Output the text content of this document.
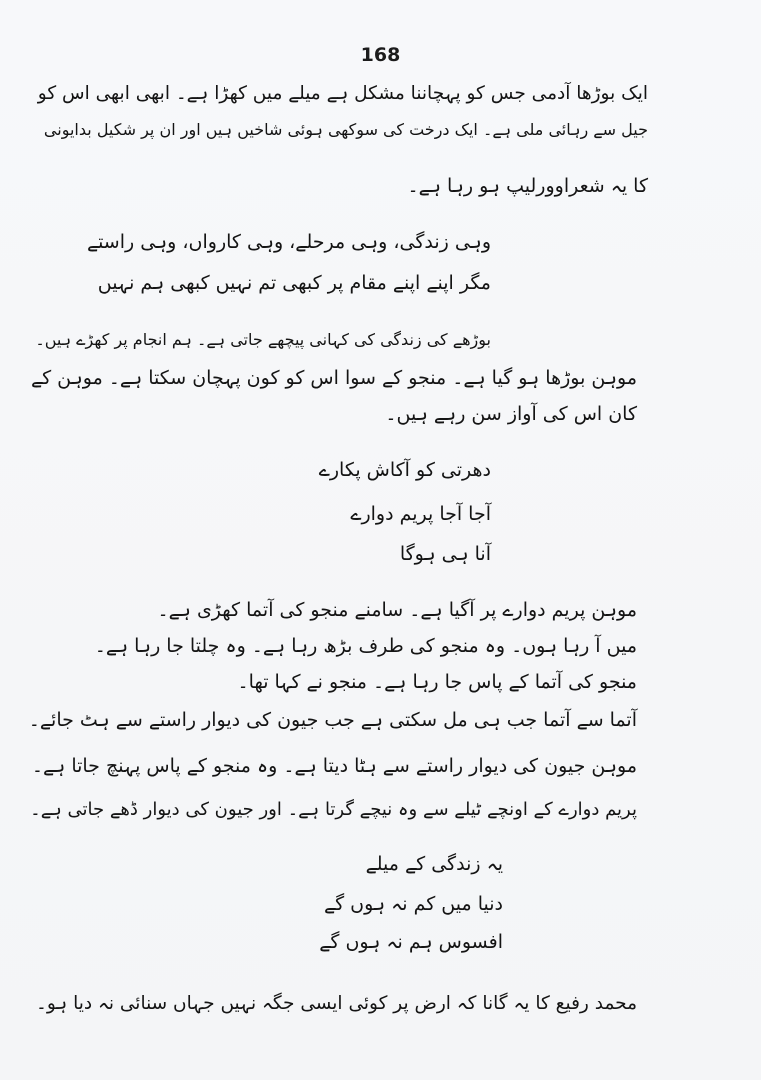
168
ایک بوڑھا آدمی جس کو پہچاننا مشکل ہے میلے میں کھڑا ہے۔ ابھی ابھی اس کو
جیل سے رہائی ملی ہے۔ ایک درخت کی سوکھی ہوئی شاخیں ہیں اور ان پر شکیل بدایونی
کا یہ شعراوورلیپ ہو رہا ہے۔
وہی زندگی، وہی مرحلے، وہی کارواں، وہی راستے
مگر اپنے اپنے مقام پر کبھی تم نہیں کبھی ہم نہیں
بوڑھے کی زندگی کی کہانی پیچھے جاتی ہے۔ ہم انجام پر کھڑے ہیں۔
موہن بوڑھا ہو گیا ہے۔ منجو کے سوا اس کو کون پہچان سکتا ہے۔ موہن کے
کان اس کی آواز سن رہے ہیں۔
دھرتی کو آکاش پکارے
آجا آجا پریم دوارے
آنا ہی ہوگا
موہن پریم دوارے پر آگیا ہے۔ سامنے منجو کی آتما کھڑی ہے۔
میں آ رہا ہوں۔ وہ منجو کی طرف بڑھ رہا ہے۔ وہ چلتا جا رہا ہے۔
منجو کی آتما کے پاس جا رہا ہے۔ منجو نے کہا تھا۔
آتما سے آتما جب ہی مل سکتی ہے جب جیون کی دیوار راستے سے ہٹ جائے۔
موہن جیون کی دیوار راستے سے ہٹا دیتا ہے۔ وہ منجو کے پاس پہنچ جاتا ہے۔
پریم دوارے کے اونچے ٹیلے سے وہ نیچے گرتا ہے۔ اور جیون کی دیوار ڈھے جاتی ہے۔
یہ زندگی کے میلے
دنیا میں کم نہ ہوں گے
افسوس ہم نہ ہوں گے
محمد رفیع کا یہ گانا کہ ارض پر کوئی ایسی جگہ نہیں جہاں سنائی نہ دیا ہو۔
